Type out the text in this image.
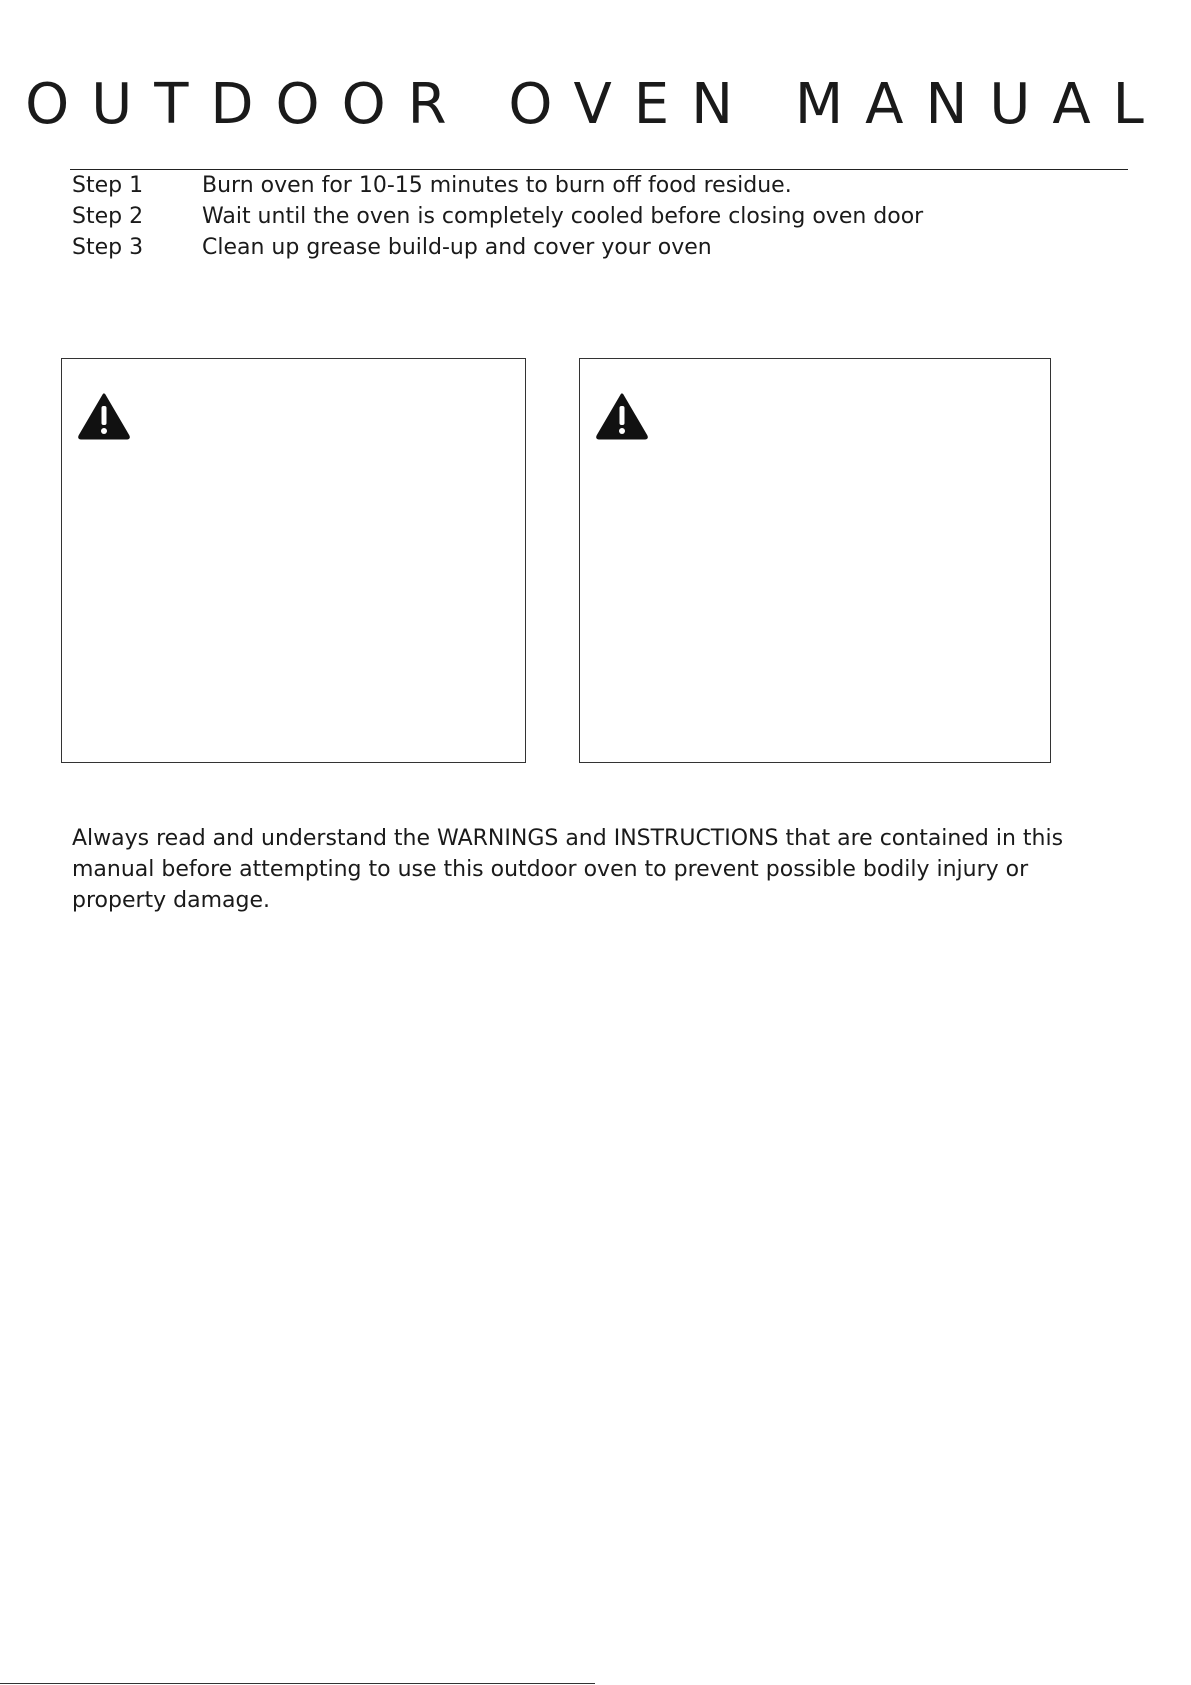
OUTDOOR OVEN MANUAL
Step 1	Burn oven for 10-15 minutes to burn off food residue.
Step 2	Wait until the oven is completely cooled before closing oven door
Step 3	Clean up grease build-up and cover your oven

Always read and understand the WARNINGS and INSTRUCTIONS that are contained in this manual before attempting to use this outdoor oven to prevent possible bodily injury or property damage.
